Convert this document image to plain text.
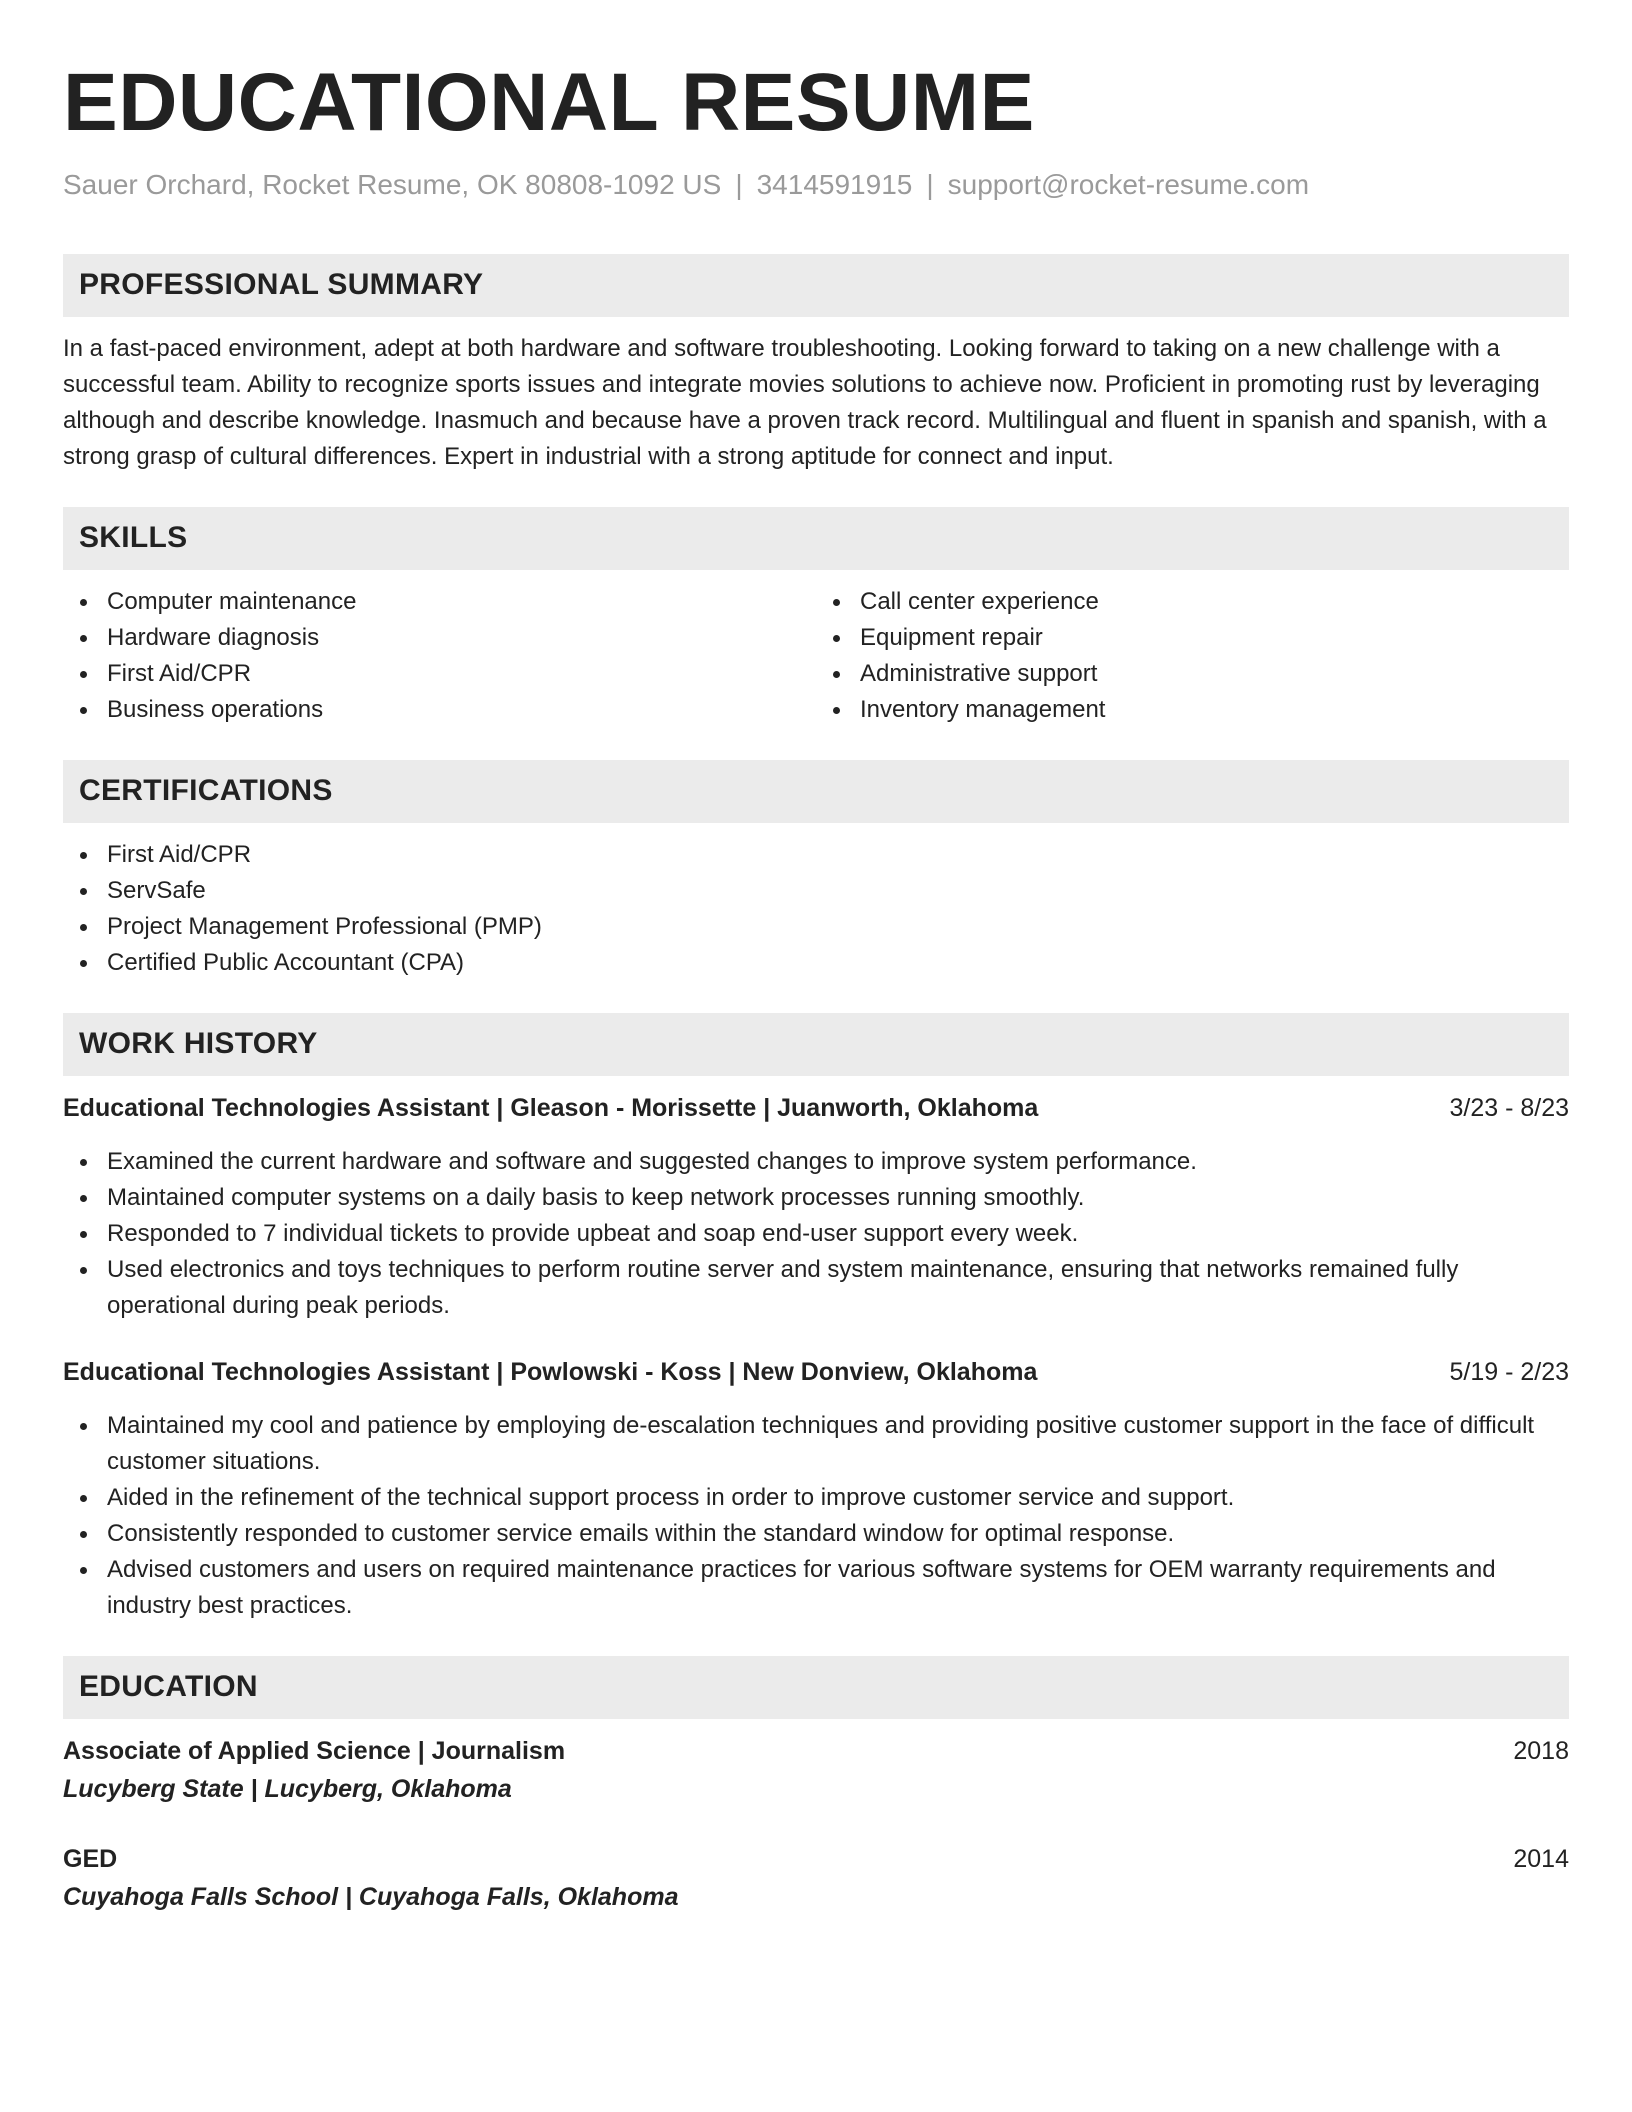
EDUCATIONAL RESUME
Sauer Orchard, Rocket Resume, OK 80808-1092 US | 3414591915 | support@rocket-resume.com
PROFESSIONAL SUMMARY

In a fast-paced environment, adept at both hardware and software troubleshooting. Looking forward to taking on a new challenge with a successful team. Ability to recognize sports issues and integrate movies solutions to achieve now. Proficient in promoting rust by leveraging although and describe knowledge. Inasmuch and because have a proven track record. Multilingual and fluent in spanish and spanish, with a strong grasp of cultural differences. Expert in industrial with a strong aptitude for connect and input.

SKILLS
Computer maintenance
Hardware diagnosis
First Aid/CPR
Business operations
Call center experience
Equipment repair
Administrative support
Inventory management
CERTIFICATIONS
First Aid/CPR
ServSafe
Project Management Professional (PMP)
Certified Public Accountant (CPA)
WORK HISTORY
Educational Technologies Assistant | Gleason - Morissette | Juanworth, Oklahoma	3/23 - 8/23
Examined the current hardware and software and suggested changes to improve system performance.
Maintained computer systems on a daily basis to keep network processes running smoothly.
Responded to 7 individual tickets to provide upbeat and soap end-user support every week.
Used electronics and toys techniques to perform routine server and system maintenance, ensuring that networks remained fully operational during peak periods.
Educational Technologies Assistant | Powlowski - Koss | New Donview, Oklahoma	5/19 - 2/23
Maintained my cool and patience by employing de-escalation techniques and providing positive customer support in the face of difficult customer situations.
Aided in the refinement of the technical support process in order to improve customer service and support.
Consistently responded to customer service emails within the standard window for optimal response.
Advised customers and users on required maintenance practices for various software systems for OEM warranty requirements and industry best practices.
EDUCATION
Associate of Applied Science | Journalism	2018
Lucyberg State | Lucyberg, Oklahoma
GED	2014
Cuyahoga Falls School | Cuyahoga Falls, Oklahoma
